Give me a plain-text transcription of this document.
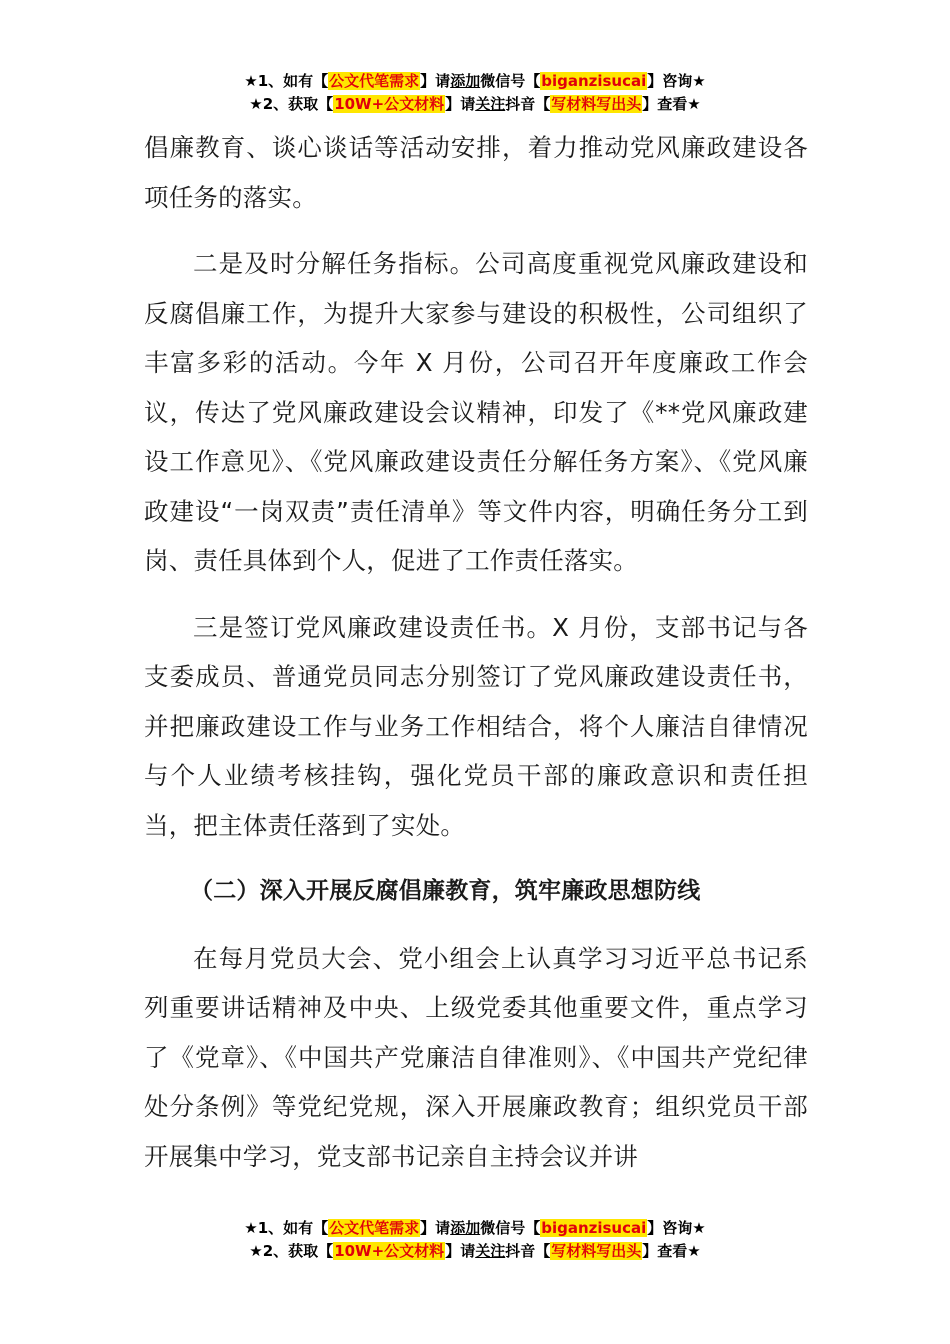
★1、如有【公文代笔需求】请添加微信号【biganzisucai】咨询★
★2、获取【10W+公文材料】请关注抖音【写材料写出头】查看★

倡廉教育、谈心谈话等活动安排，着力推动党风廉政建设各项任务的落实。

二是及时分解任务指标。公司高度重视党风廉政建设和反腐倡廉工作，为提升大家参与建设的积极性，公司组织了丰富多彩的活动。今年 X 月份，公司召开年度廉政工作会议，传达了党风廉政建设会议精神，印发了《**党风廉政建设工作意见》、《党风廉政建设责任分解任务方案》、《党风廉政建设“一岗双责”责任清单》等文件内容，明确任务分工到岗、责任具体到个人，促进了工作责任落实。

三是签订党风廉政建设责任书。X 月份，支部书记与各支委成员、普通党员同志分别签订了党风廉政建设责任书，并把廉政建设工作与业务工作相结合，将个人廉洁自律情况与个人业绩考核挂钩，强化党员干部的廉政意识和责任担当，把主体责任落到了实处。

（二）深入开展反腐倡廉教育，筑牢廉政思想防线

在每月党员大会、党小组会上认真学习习近平总书记系列重要讲话精神及中央、上级党委其他重要文件，重点学习了《党章》、《中国共产党廉洁自律准则》、《中国共产党纪律处分条例》等党纪党规，深入开展廉政教育；组织党员干部开展集中学习，党支部书记亲自主持会议并讲

★1、如有【公文代笔需求】请添加微信号【biganzisucai】咨询★
★2、获取【10W+公文材料】请关注抖音【写材料写出头】查看★
